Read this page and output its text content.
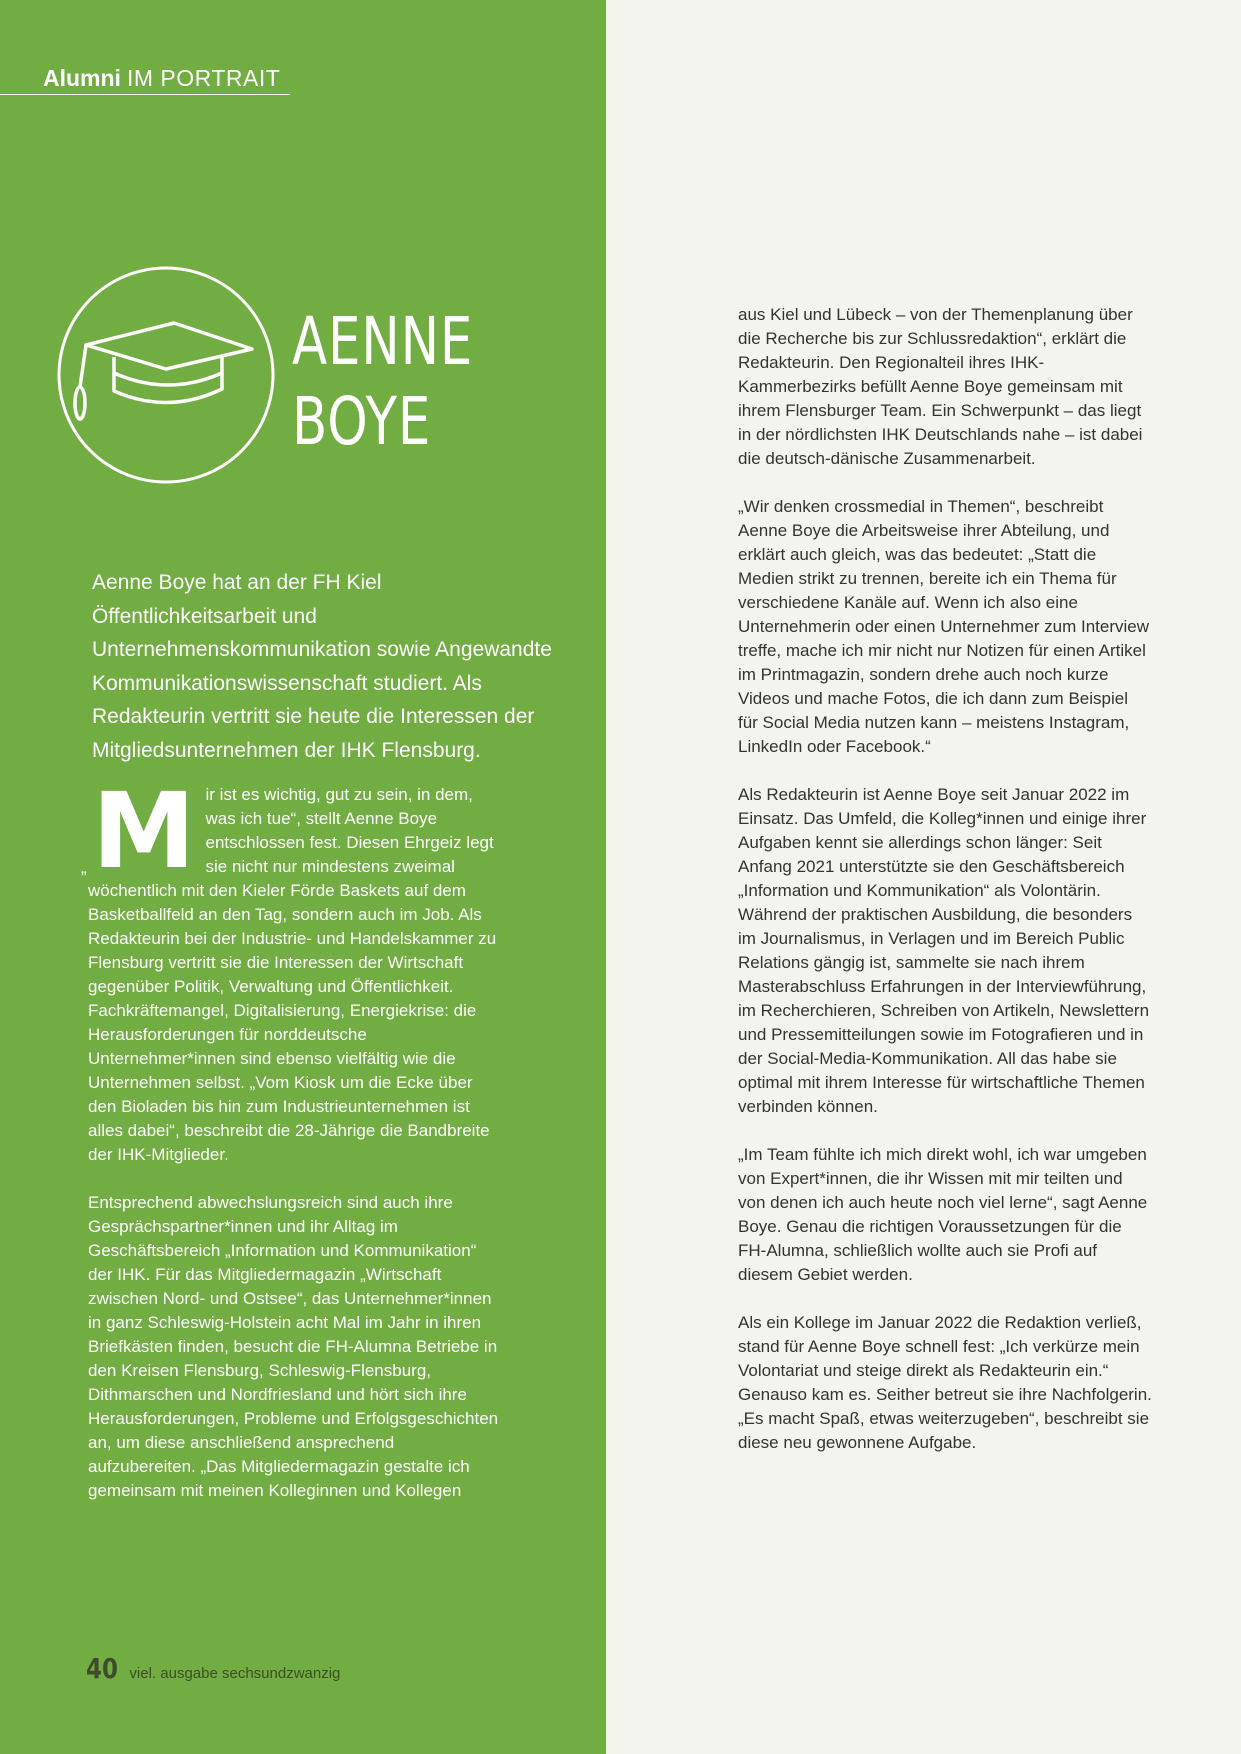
Alumni IM PORTRAIT
AENNE
BOYE

Aenne Boye hat an der FH Kiel Öffentlichkeitsarbeit und Unternehmenskommunikation sowie Angewandte Kommunikationswissenschaft studiert. Als Redakteurin vertritt sie heute die Interessen der Mitgliedsunternehmen der IHK Flensburg.

„ Mir ist es wichtig, gut zu sein, in dem, was ich tue“, stellt Aenne Boye entschlossen fest. Diesen Ehrgeiz legt sie nicht nur mindestens zweimal wöchentlich mit den Kieler Förde Baskets auf dem Basketballfeld an den Tag, sondern auch im Job. Als Redakteurin bei der Industrie- und Handelskammer zu Flensburg vertritt sie die Interessen der Wirtschaft gegenüber Politik, Verwaltung und Öffentlichkeit. Fachkräftemangel, Digitalisierung, Energiekrise: die Herausforderungen für norddeutsche Unternehmer*innen sind ebenso vielfältig wie die Unternehmen selbst. „Vom Kiosk um die Ecke über den Bioladen bis hin zum Industrieunternehmen ist alles dabei“, beschreibt die 28-Jährige die Bandbreite der IHK-Mitglieder.

Entsprechend abwechslungsreich sind auch ihre Gesprächspartner*innen und ihr Alltag im Geschäftsbereich „Information und Kommunikation“ der IHK. Für das Mitgliedermagazin „Wirtschaft zwischen Nord- und Ostsee“, das Unternehmer*innen in ganz Schleswig-Holstein acht Mal im Jahr in ihren Briefkästen finden, besucht die FH-Alumna Betriebe in den Kreisen Flensburg, Schleswig-Flensburg, Dithmarschen und Nordfriesland und hört sich ihre Herausforderungen, Probleme und Erfolgsgeschichten an, um diese anschließend ansprechend aufzubereiten. „Das Mitgliedermagazin gestalte ich gemeinsam mit meinen Kolleginnen und Kollegen

aus Kiel und Lübeck – von der Themenplanung über die Recherche bis zur Schlussredaktion“, erklärt die Redakteurin. Den Regionalteil ihres IHK-Kammerbezirks befüllt Aenne Boye gemeinsam mit ihrem Flensburger Team. Ein Schwerpunkt – das liegt in der nördlichsten IHK Deutschlands nahe – ist dabei die deutsch-dänische Zusammenarbeit.

„Wir denken crossmedial in Themen“, beschreibt Aenne Boye die Arbeitsweise ihrer Abteilung, und erklärt auch gleich, was das bedeutet: „Statt die Medien strikt zu trennen, bereite ich ein Thema für verschiedene Kanäle auf. Wenn ich also eine Unternehmerin oder einen Unternehmer zum Interview treffe, mache ich mir nicht nur Notizen für einen Artikel im Printmagazin, sondern drehe auch noch kurze Videos und mache Fotos, die ich dann zum Beispiel für Social Media nutzen kann – meistens Instagram, LinkedIn oder Facebook.“

Als Redakteurin ist Aenne Boye seit Januar 2022 im Einsatz. Das Umfeld, die Kolleg*innen und einige ihrer Aufgaben kennt sie allerdings schon länger: Seit Anfang 2021 unterstützte sie den Geschäftsbereich „Information und Kommunikation“ als Volontärin. Während der praktischen Ausbildung, die besonders im Journalismus, in Verlagen und im Bereich Public Relations gängig ist, sammelte sie nach ihrem Masterabschluss Erfahrungen in der Interviewführung, im Recherchieren, Schreiben von Artikeln, Newslettern und Pressemitteilungen sowie im Fotografieren und in der Social-Media-Kommunikation. All das habe sie optimal mit ihrem Interesse für wirtschaftliche Themen verbinden können.

„Im Team fühlte ich mich direkt wohl, ich war umgeben von Expert*innen, die ihr Wissen mit mir teilten und von denen ich auch heute noch viel lerne“, sagt Aenne Boye. Genau die richtigen Voraussetzungen für die FH-Alumna, schließlich wollte auch sie Profi auf diesem Gebiet werden.

Als ein Kollege im Januar 2022 die Redaktion verließ, stand für Aenne Boye schnell fest: „Ich verkürze mein Volontariat und steige direkt als Redakteurin ein.“ Genauso kam es. Seither betreut sie ihre Nachfolgerin. „Es macht Spaß, etwas weiterzugeben“, beschreibt sie diese neu gewonnene Aufgabe.

40 viel. ausgabe sechsundzwanzig
